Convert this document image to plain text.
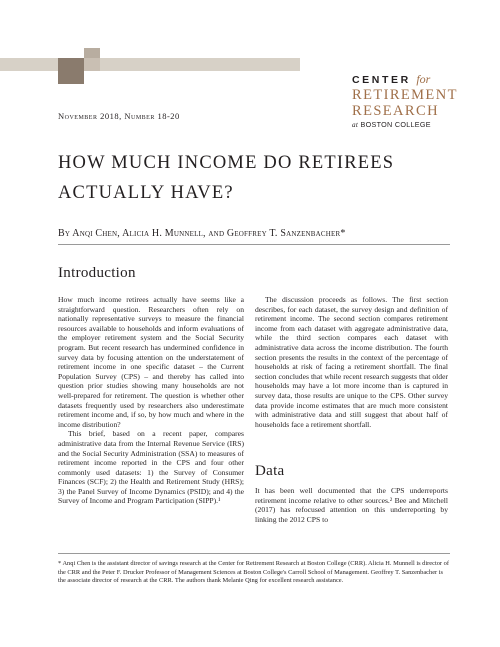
CENTER for
RETIREMENT
RESEARCH
at BOSTON COLLEGE
November 2018, Number 18-20
HOW MUCH INCOME DO RETIREES
ACTUALLY HAVE?
By Anqi Chen, Alicia H. Munnell, and Geoffrey T. Sanzenbacher*
Introduction

How much income retirees actually have seems like a straightforward question. Researchers often rely on nationally representative surveys to measure the financial resources available to households and inform evaluations of the employer retirement system and the Social Security program. But recent research has undermined confidence in survey data by focusing attention on the understatement of retirement income in one specific dataset – the Current Population Survey (CPS) – and thereby has called into question prior studies showing many households are not well-prepared for retirement. The question is whether other datasets frequently used by researchers also underestimate retirement income and, if so, by how much and where in the income distribution?

This brief, based on a recent paper, compares administrative data from the Internal Revenue Service (IRS) and the Social Security Administration (SSA) to measures of retirement income reported in the CPS and four other commonly used datasets: 1) the Survey of Consumer Finances (SCF); 2) the Health and Retirement Study (HRS); 3) the Panel Survey of Income Dynamics (PSID); and 4) the Survey of Income and Program Participation (SIPP).¹

The discussion proceeds as follows. The first section describes, for each dataset, the survey design and definition of retirement income. The second section compares retirement income from each dataset with aggregate administrative data, while the third section compares each dataset with administrative data across the income distribution. The fourth section presents the results in the context of the percentage of households at risk of facing a retirement shortfall. The final section concludes that while recent research suggests that older households may have a lot more income than is captured in survey data, those results are unique to the CPS. Other survey data provide income estimates that are much more consistent with administrative data and still suggest that about half of households face a retirement shortfall.

Data

It has been well documented that the CPS underreports retirement income relative to other sources.² Bee and Mitchell (2017) has refocused attention on this underreporting by linking the 2012 CPS to

* Anqi Chen is the assistant director of savings research at the Center for Retirement Research at Boston College (CRR). Alicia H. Munnell is director of the CRR and the Peter F. Drucker Professor of Management Sciences at Boston College's Carroll School of Management. Geoffrey T. Sanzenbacher is the associate director of research at the CRR. The authors thank Melanie Qing for excellent research assistance.
